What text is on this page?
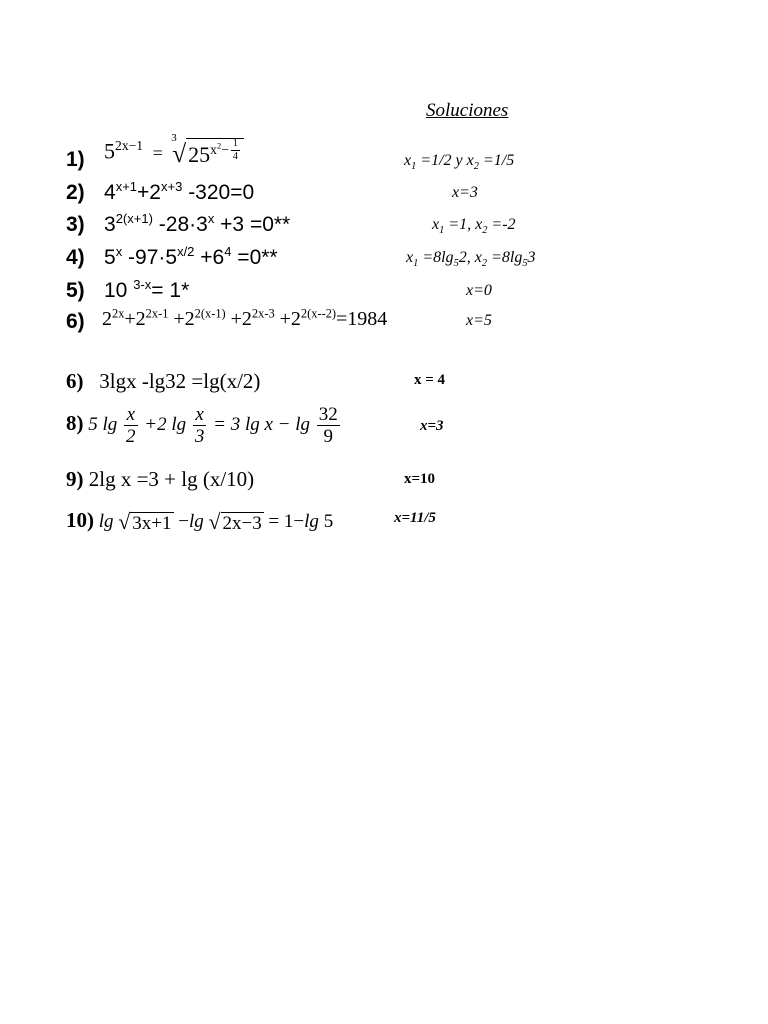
Soluciones
1) $5^{2x-1}$ =
3
$√25^{x^2- \frac{1}{4}}$	$x_1 =1/2$ y $x_2 =1/5$
2) $4^{x+1}+2^{x+3}$ -320=0	x=3
3) $3^{2(x+1)}$ $-28\cdot 3^x +3 =0**$	$x_1 =1$, $x_2 =-2$
4) 5$^x$ $-97\cdot 5^{x/2} +6^4 =0**$	$x_1 =8\lg_52$, $x_2 =8\lg_53$
5) 10 $^{3-x}$= 1*	x=0
6) $2^{2x}+2^{2x-1} +2^{2(x-1)} +2^{2x-3} +2^{2(x--2)}=1984$	x=5
6) 3lgx -lg32 =lg(x/2)	x = 4
8) 5 $\lg \frac{x}{2} +2$ $\lg \frac{x}{3} = 3$ $\lg x - \lg \frac{32}{9}$	x=3
9) 2lg x =3 + lg (x/10)	x=10
10) lg √ 3x+1 −lg √ 2x−3 = 1−lg 5	x=11/5
